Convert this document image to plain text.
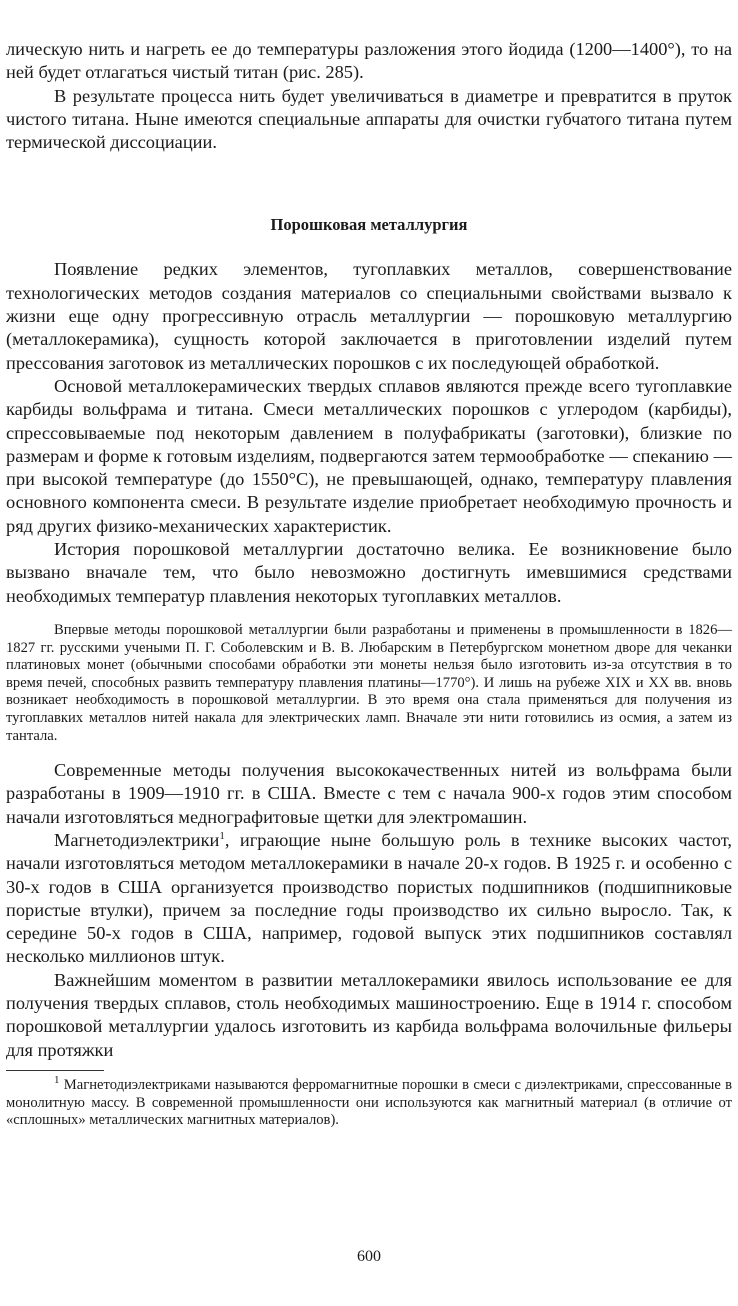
лическую нить и нагреть ее до температуры разложения этого йодида (1200—1400°), то на ней будет отлагаться чистый титан (рис. 285).

В результате процесса нить будет увеличиваться в диаметре и превратится в пруток чистого титана. Ныне имеются специальные аппараты для очистки губчатого титана путем термической диссоциации.

Порошковая металлургия

Появление редких элементов, тугоплавких металлов, совершенствование технологических методов создания материалов со специальными свойствами вызвало к жизни еще одну прогрессивную отрасль металлургии — порошковую металлургию (металлокерамика), сущность которой заключается в приготовлении изделий путем прессования заготовок из металлических порошков с их последующей обработкой.

Основой металлокерамических твердых сплавов являются прежде всего тугоплавкие карбиды вольфрама и титана. Смеси металлических порошков с углеродом (карбиды), спрессовываемые под некоторым давлением в полуфабрикаты (заготовки), близкие по размерам и форме к готовым изделиям, подвергаются затем термообработке — спеканию — при высокой температуре (до 1550°C), не превышающей, однако, температуру плавления основного компонента смеси. В результате изделие приобретает необходимую прочность и ряд других физико-механических характеристик.

История порошковой металлургии достаточно велика. Ее возникновение было вызвано вначале тем, что было невозможно достигнуть имевшимися средствами необходимых температур плавления некоторых тугоплавких металлов.

Впервые методы порошковой металлургии были разработаны и применены в промышленности в 1826—1827 гг. русскими учеными П. Г. Соболевским и В. В. Любарским в Петербургском монетном дворе для чеканки платиновых монет (обычными способами обработки эти монеты нельзя было изготовить из-за отсутствия в то время печей, способных развить температуру плавления платины—1770°). И лишь на рубеже XIX и XX вв. вновь возникает необходимость в порошковой металлургии. В это время она стала применяться для получения из тугоплавких металлов нитей накала для электрических ламп. Вначале эти нити готовились из осмия, а затем из тантала.

Современные методы получения высококачественных нитей из вольфрама были разработаны в 1909—1910 гг. в США. Вместе с тем с начала 900-х годов этим способом начали изготовляться меднографитовые щетки для электромашин.

Магнетодиэлектрики$^1$, играющие ныне большую роль в технике высоких частот, начали изготовляться методом металлокерамики в начале 20-х годов. В 1925 г. и особенно с 30-х годов в США организуется производство пористых подшипников (подшипниковые пористые втулки), причем за последние годы производство их сильно выросло. Так, к середине 50-х годов в США, например, годовой выпуск этих подшипников составлял несколько миллионов штук.

Важнейшим моментом в развитии металлокерамики явилось использование ее для получения твердых сплавов, столь необходимых машиностроению. Еще в 1914 г. способом порошковой металлургии удалось изготовить из карбида вольфрама волочильные фильеры для протяжки

$^1$ Магнетодиэлектриками называются ферромагнитные порошки в смеси с диэлектриками, спрессованные в монолитную массу. В современной промышленности они используются как магнитный материал (в отличие от «сплошных» металлических магнитных материалов).

600
